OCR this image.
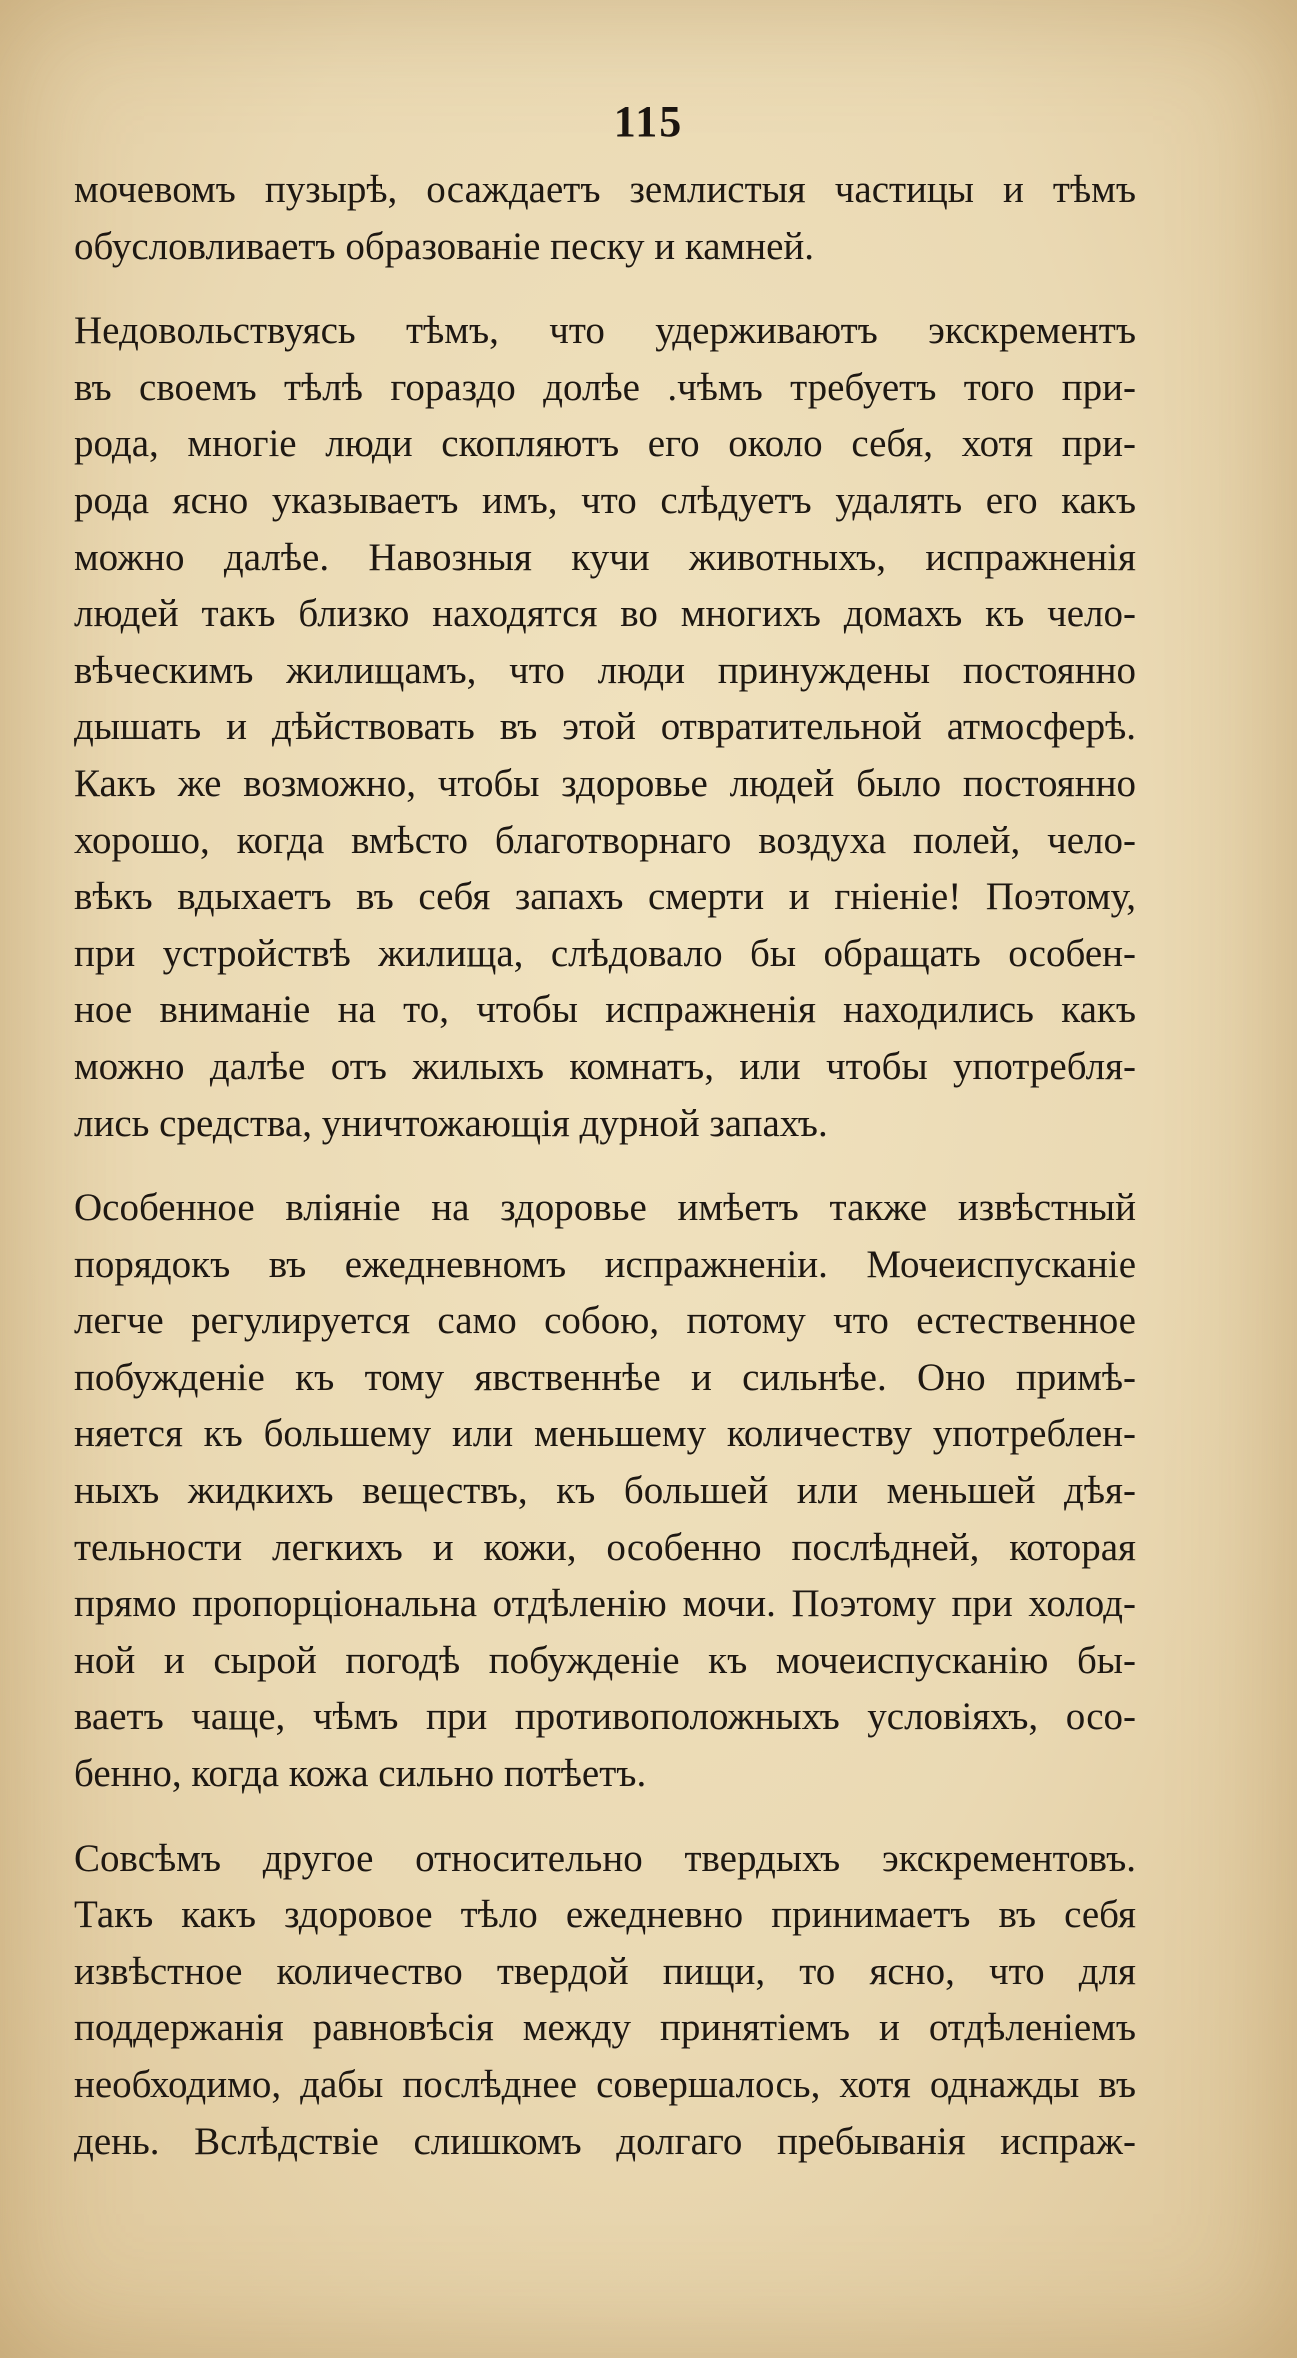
115
мочевомъ пузырѣ, осаждаетъ землистыя частицы и тѣмъ
обусловливаетъ образованіе песку и камней.
Недовольствуясь тѣмъ, что удерживаютъ экскрементъ
въ своемъ тѣлѣ гораздо долѣе .чѣмъ требуетъ того при-
рода, многіе люди скопляютъ его около себя, хотя при-
рода ясно указываетъ имъ, что слѣдуетъ удалять его какъ
можно далѣе. Навозныя кучи животныхъ, испражненія
людей такъ близко находятся во многихъ домахъ къ чело-
вѣческимъ жилищамъ, что люди принуждены постоянно
дышать и дѣйствовать въ этой отвратительной атмосферѣ.
Какъ же возможно, чтобы здоровье людей было постоянно
хорошо, когда вмѣсто благотворнаго воздуха полей, чело-
вѣкъ вдыхаетъ въ себя запахъ смерти и гніеніе! Поэтому,
при устройствѣ жилища, слѣдовало бы обращать особен-
ное вниманіе на то, чтобы испражненія находились какъ
можно далѣе отъ жилыхъ комнатъ, или чтобы употребля-
лись средства, уничтожающія дурной запахъ.
Особенное вліяніе на здоровье имѣетъ также извѣстный
порядокъ въ ежедневномъ испражненіи. Мочеиспусканіе
легче регулируется само собою, потому что естественное
побужденіе къ тому явственнѣе и сильнѣе. Оно примѣ-
няется къ большему или меньшему количеству употреблен-
ныхъ жидкихъ веществъ, къ большей или меньшей дѣя-
тельности легкихъ и кожи, особенно послѣдней, которая
прямо пропорціональна отдѣленію мочи. Поэтому при холод-
ной и сырой погодѣ побужденіе къ мочеиспусканію бы-
ваетъ чаще, чѣмъ при противоположныхъ условіяхъ, осо-
бенно, когда кожа сильно потѣетъ.
Совсѣмъ другое относительно твердыхъ экскрементовъ.
Такъ какъ здоровое тѣло ежедневно принимаетъ въ себя
извѣстное количество твердой пищи, то ясно, что для
поддержанія равновѣсія между принятіемъ и отдѣленіемъ
необходимо, дабы послѣднее совершалось, хотя однажды въ
день. Вслѣдствіе слишкомъ долгаго пребыванія испраж-
